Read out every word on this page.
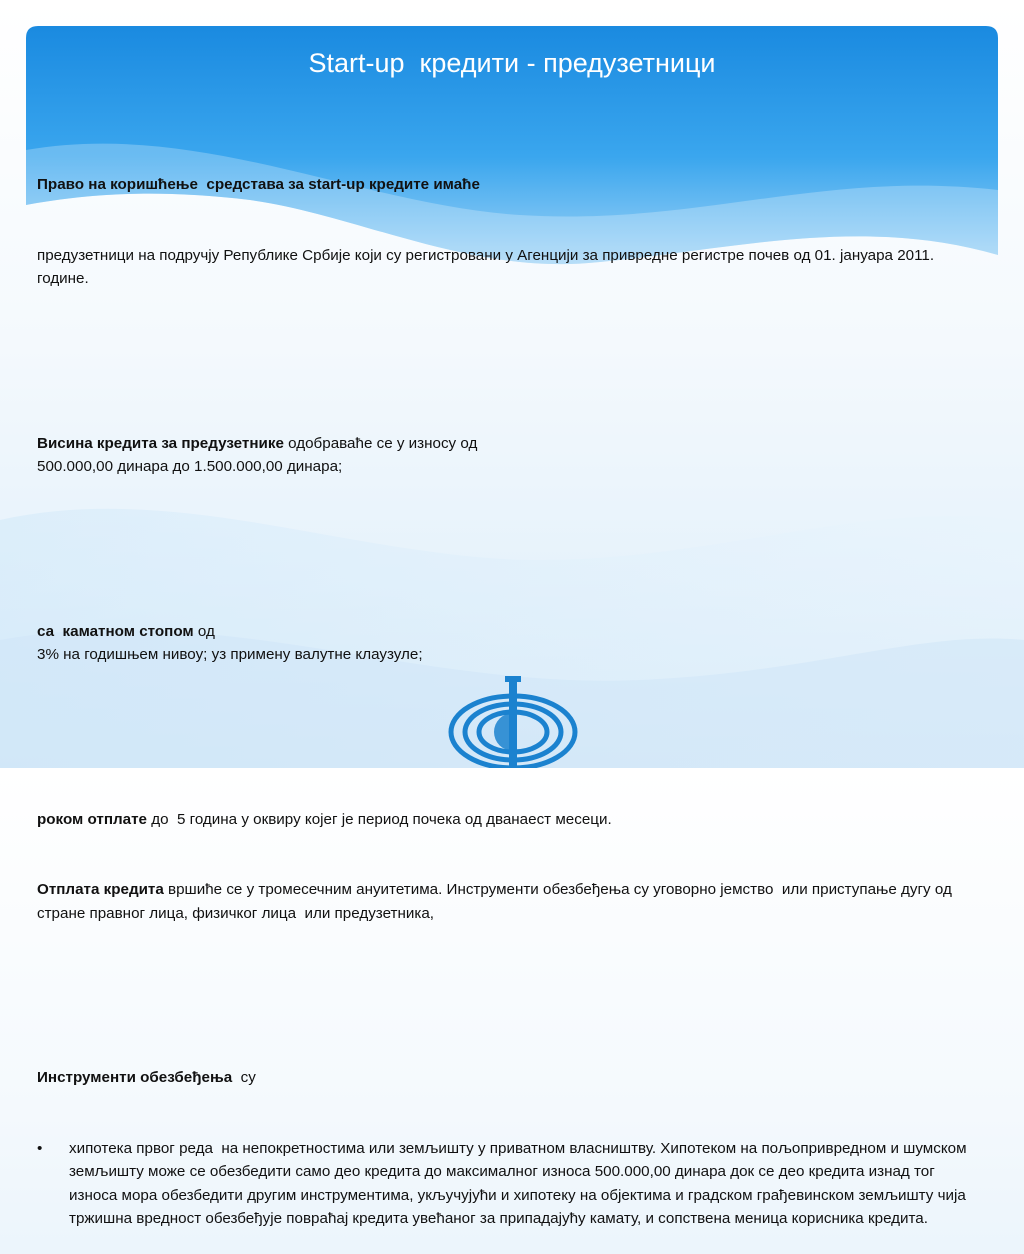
Start-up  кредити - предузетници

Право на коришћење  средстава за start-up кредите имаће

предузетници на подручју Републике Србије који су регистровани у Агенцији за привредне регистре почев од 01. јануара 2011. године.

Висина кредита за предузетнике одобраваће се у износу од
500.000,00 динара до 1.500.000,00 динара;

са  каматном стопом од
3% на годишњем нивоу; уз примену валутне клаузуле;

роком отплате до  5 година у оквиру којег је период почека од дванаест месеци.

Отплата кредита вршиће се у тромесечним ануитетима. Инструменти обезбеђења су уговорно јемство  или приступање дугу од стране правног лица, физичког лица  или предузетника,

Инструменти обезбеђења  су

•	хипотека првог реда  на непокретностима или земљишту у приватном власништву. Хипотеком на пољопривредном и шумском  земљишту може се обезбедити само део кредита до максималног износа 500.000,00 динара док се део кредита изнад тог износа мора обезбедити другим инструментима, укључујући и хипотеку на објектима и градском грађевинском земљишту чија тржишна вредност обезбеђује повраћај кредита увећаног за припадајућу камату, и сопствена меница корисника кредита.
